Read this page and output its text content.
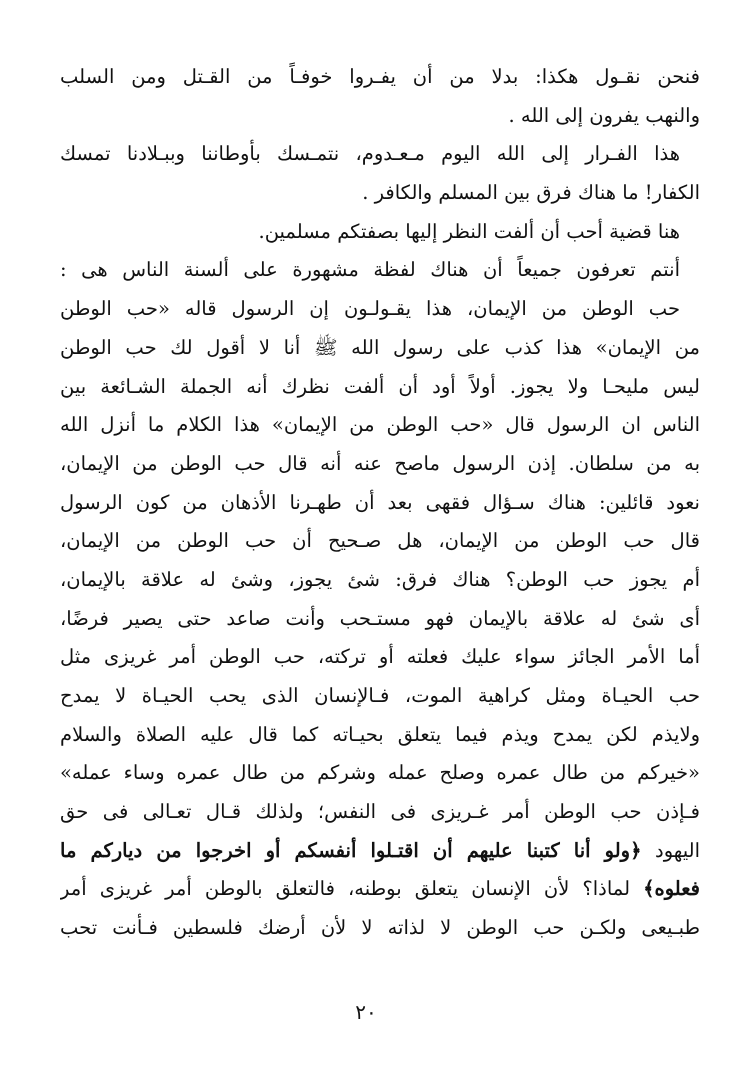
فنحن نقـول هكذا: بدلا من أن يفـروا خوفـاً من القـتل ومن السلب
والنهب يفرون إلى الله .
هذا الفـرار إلى الله اليوم مـعـدوم، نتمـسك بأوطاننا وببـلادنا تمسك
الكفار! ما هناك فرق بين المسلم والكافر .
هنا قضية أحب أن ألفت النظر إليها بصفتكم مسلمين.
أنتم تعرفون جميعاً أن هناك لفظة مشهورة على ألسنة الناس هى :
حب الوطن من الإيمان، هذا يقـولـون إن الرسول قاله «حب الوطن
من الإيمان» هذا كذب على رسول الله ﷺ أنا لا أقول لك حب الوطن
ليس مليحـا ولا يجوز. أولاً أود أن ألفت نظرك أنه الجملة الشـائعة بين
الناس ان الرسول قال «حب الوطن من الإيمان» هذا الكلام ما أنزل الله
به من سلطان. إذن الرسول ماصح عنه أنه قال حب الوطن من الإيمان،
نعود قائلين: هناك سـؤال فقهى بعد أن طهـرنا الأذهان من كون الرسول
قال حب الوطن من الإيمان، هل صـحيح أن حب الوطن من الإيمان،
أم يجوز حب الوطن؟ هناك فرق: شئ يجوز، وشئ له علاقة بالإيمان،
أى شئ له علاقة بالإيمان فهو مستـحب وأنت صاعد حتى يصير فرضًا،
أما الأمر الجائز سواء عليك فعلته أو تركته، حب الوطن أمر غريزى مثل
حب الحيـاة ومثل كراهية الموت، فـالإنسان الذى يحب الحيـاة لا يمدح
ولايذم لكن يمدح ويذم فيما يتعلق بحيـاته كما قال عليه الصلاة والسلام
«خيركم من طال عمره وصلح عمله وشركم من طال عمره وساء عمله»
فـإذن حب الوطن أمر غـريزى فى النفس؛ ولذلك قـال تعـالى فى حق
اليهود ﴿ولو أنا كتبنا عليهم أن اقتـلوا أنفسكم أو اخرجوا من دياركم ما
فعلوه﴾ لماذا؟ لأن الإنسان يتعلق بوطنه، فالتعلق بالوطن أمر غريزى أمر
طبـيعى ولكـن حب الوطن لا لذاته لا لأن أرضك فلسطين فـأنت تحب
٢٠
